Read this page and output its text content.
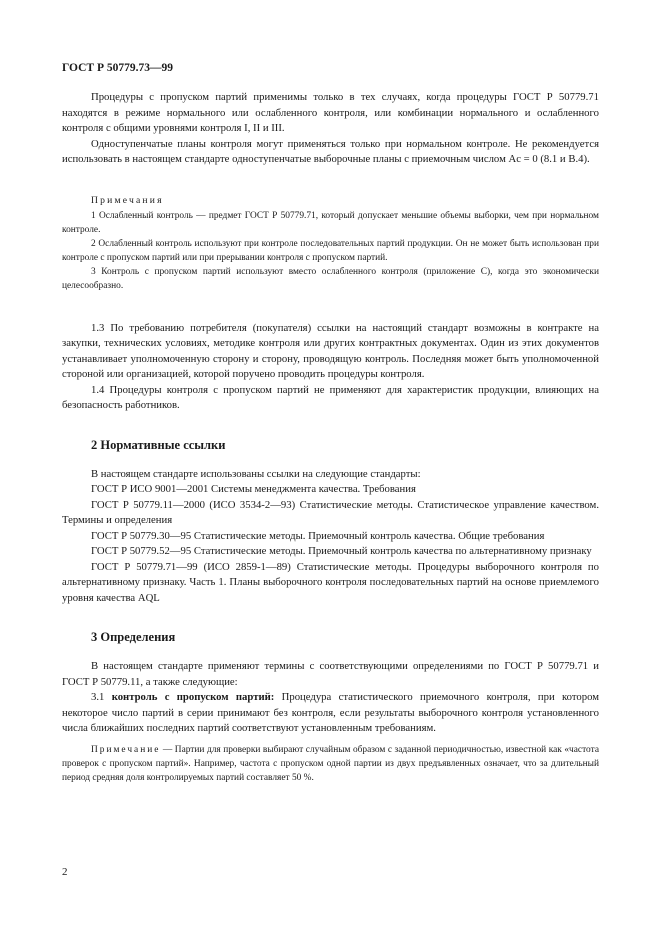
ГОСТ Р 50779.73—99

Процедуры с пропуском партий применимы только в тех случаях, когда процедуры ГОСТ Р 50779.71 находятся в режиме нормального или ослабленного контроля, или комбинации нормального и ослабленного контроля с общими уровнями контроля I, II и III.

Одноступенчатые планы контроля могут применяться только при нормальном контроле. Не рекомендуется использовать в настоящем стандарте одноступенчатые выборочные планы с приемочным числом Ac = 0 (8.1 и B.4).

Примечания

1 Ослабленный контроль — предмет ГОСТ Р 50779.71, который допускает меньшие объемы выборки, чем при нормальном контроле.

2 Ослабленный контроль используют при контроле последовательных партий продукции. Он не может быть использован при контроле с пропуском партий или при прерывании контроля с пропуском партий.

3 Контроль с пропуском партий используют вместо ослабленного контроля (приложение C), когда это экономически целесообразно.

1.3 По требованию потребителя (покупателя) ссылки на настоящий стандарт возможны в контракте на закупки, технических условиях, методике контроля или других контрактных документах. Один из этих документов устанавливает уполномоченную сторону и сторону, проводящую контроль. Последняя может быть уполномоченной стороной или организацией, которой поручено проводить процедуры контроля.

1.4 Процедуры контроля с пропуском партий не применяют для характеристик продукции, влияющих на безопасность работников.

2 Нормативные ссылки

В настоящем стандарте использованы ссылки на следующие стандарты:

ГОСТ Р ИСО 9001—2001 Системы менеджмента качества. Требования

ГОСТ Р 50779.11—2000 (ИСО 3534-2—93) Статистические методы. Статистическое управление качеством. Термины и определения

ГОСТ Р 50779.30—95 Статистические методы. Приемочный контроль качества. Общие требования

ГОСТ Р 50779.52—95 Статистические методы. Приемочный контроль качества по альтернативному признаку

ГОСТ Р 50779.71—99 (ИСО 2859-1—89) Статистические методы. Процедуры выборочного контроля по альтернативному признаку. Часть 1. Планы выборочного контроля последовательных партий на основе приемлемого уровня качества AQL

3 Определения

В настоящем стандарте применяют термины с соответствующими определениями по ГОСТ Р 50779.71 и ГОСТ Р 50779.11, а также следующие:

3.1 контроль с пропуском партий: Процедура статистического приемочного контроля, при котором некоторое число партий в серии принимают без контроля, если результаты выборочного контроля установленного числа ближайших последних партий соответствуют установленным требованиям.

Примечание — Партии для проверки выбирают случайным образом с заданной периодичностью, известной как «частота проверок с пропуском партий». Например, частота с пропуском одной партии из двух предъявленных означает, что за длительный период средняя доля контролируемых партий составляет 50 %.

2
